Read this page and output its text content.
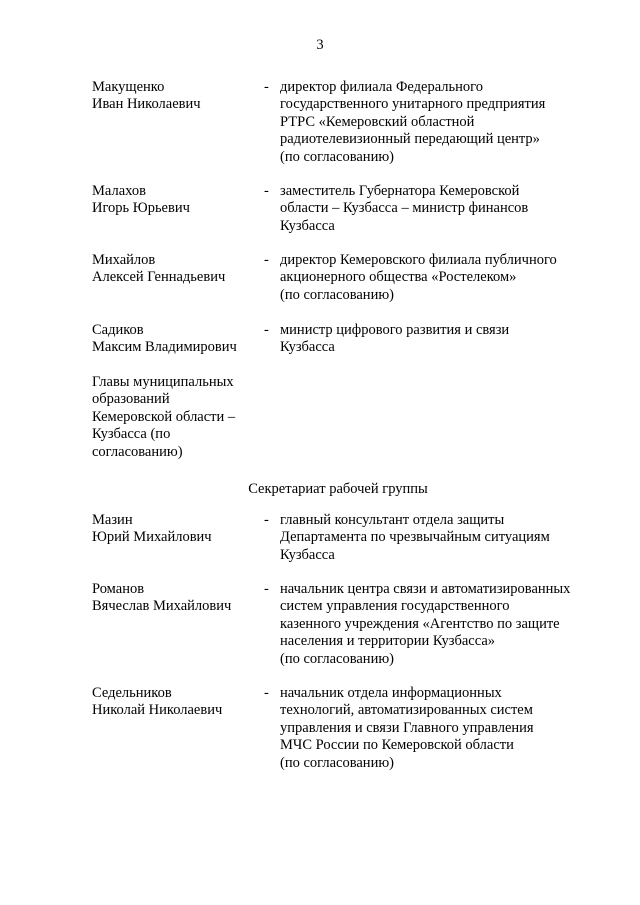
3
Макущенко
Иван Николаевич
- директор филиала Федерального
государственного унитарного предприятия
РТРС «Кемеровский областной
радиотелевизионный передающий центр»
(по согласованию)
Малахов
Игорь Юрьевич
- заместитель Губернатора Кемеровской
области – Кузбасса – министр финансов
Кузбасса
Михайлов
Алексей Геннадьевич
- директор Кемеровского филиала публичного
акционерного общества «Ростелеком»
(по согласованию)
Садиков
Максим Владимирович
- министр цифрового развития и связи
Кузбасса
Главы муниципальных
образований
Кемеровской области –
Кузбасса (по
согласованию)
Секретариат рабочей группы
Мазин
Юрий Михайлович
- главный консультант отдела защиты
Департамента по чрезвычайным ситуациям
Кузбасса
Романов
Вячеслав Михайлович
- начальник центра связи и автоматизированных
систем управления государственного
казенного учреждения «Агентство по защите
населения и территории Кузбасса»
(по согласованию)
Седельников
Николай Николаевич
- начальник отдела информационных
технологий, автоматизированных систем
управления и связи Главного управления
МЧС России по Кемеровской области
(по согласованию)
